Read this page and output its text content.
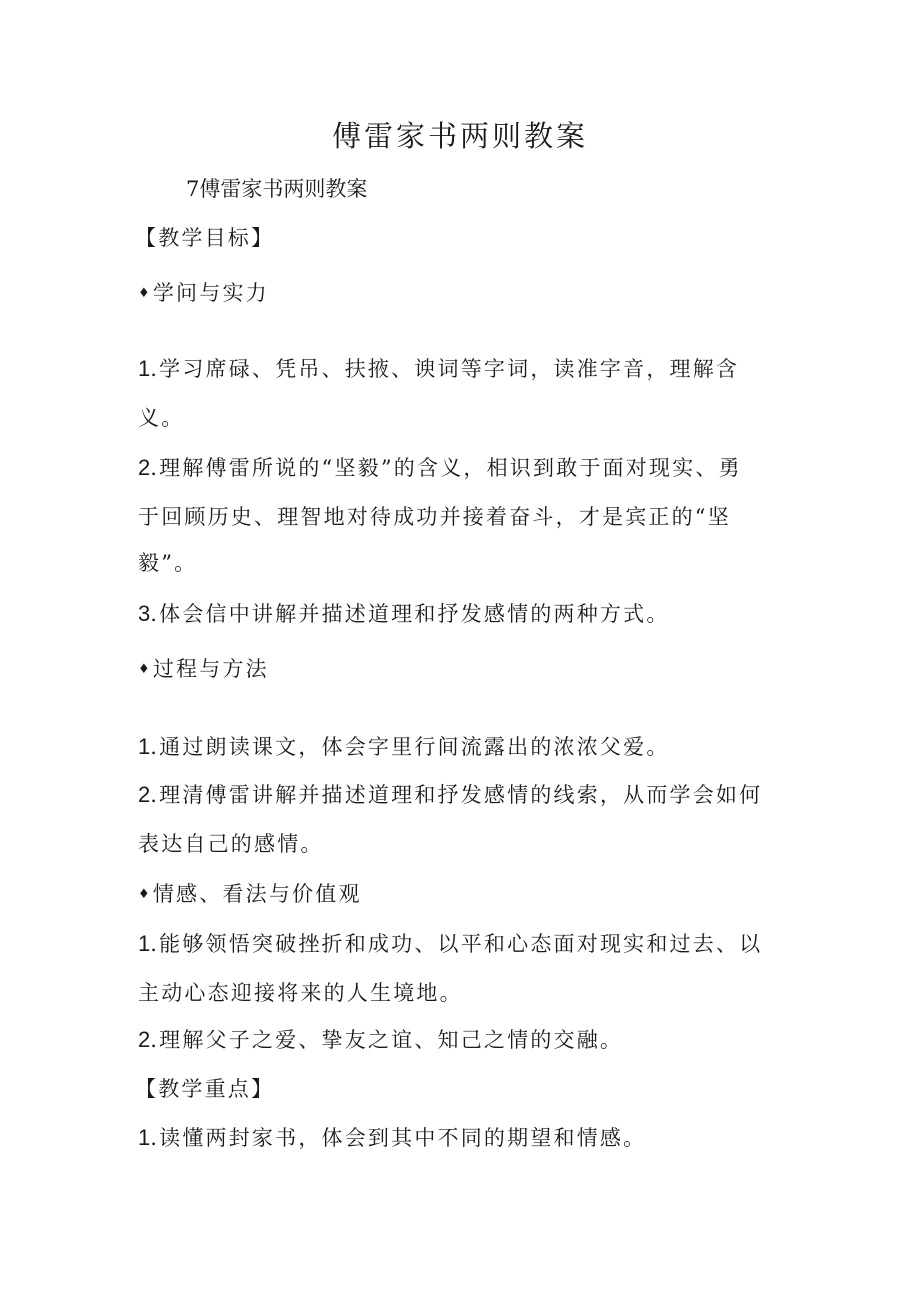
傅雷家书两则教案
7傅雷家书两则教案
【教学目标】
♦学问与实力
1.学习席碌、凭吊、扶掖、谀词等字词，读准字音，理解含
义。
2.理解傅雷所说的“坚毅”的含义，相识到敢于面对现实、勇
于回顾历史、理智地对待成功并接着奋斗，才是宾正的“坚
毅”。
3.体会信中讲解并描述道理和抒发感情的两种方式。
♦过程与方法
1.通过朗读课文，体会字里行间流露出的浓浓父爱。
2.理清傅雷讲解并描述道理和抒发感情的线索，从而学会如何
表达自己的感情。
♦情感、看法与价值观
1.能够领悟突破挫折和成功、以平和心态面对现实和过去、以
主动心态迎接将来的人生境地。
2.理解父子之爱、挚友之谊、知己之情的交融。
【教学重点】
1.读懂两封家书，体会到其中不同的期望和情感。
